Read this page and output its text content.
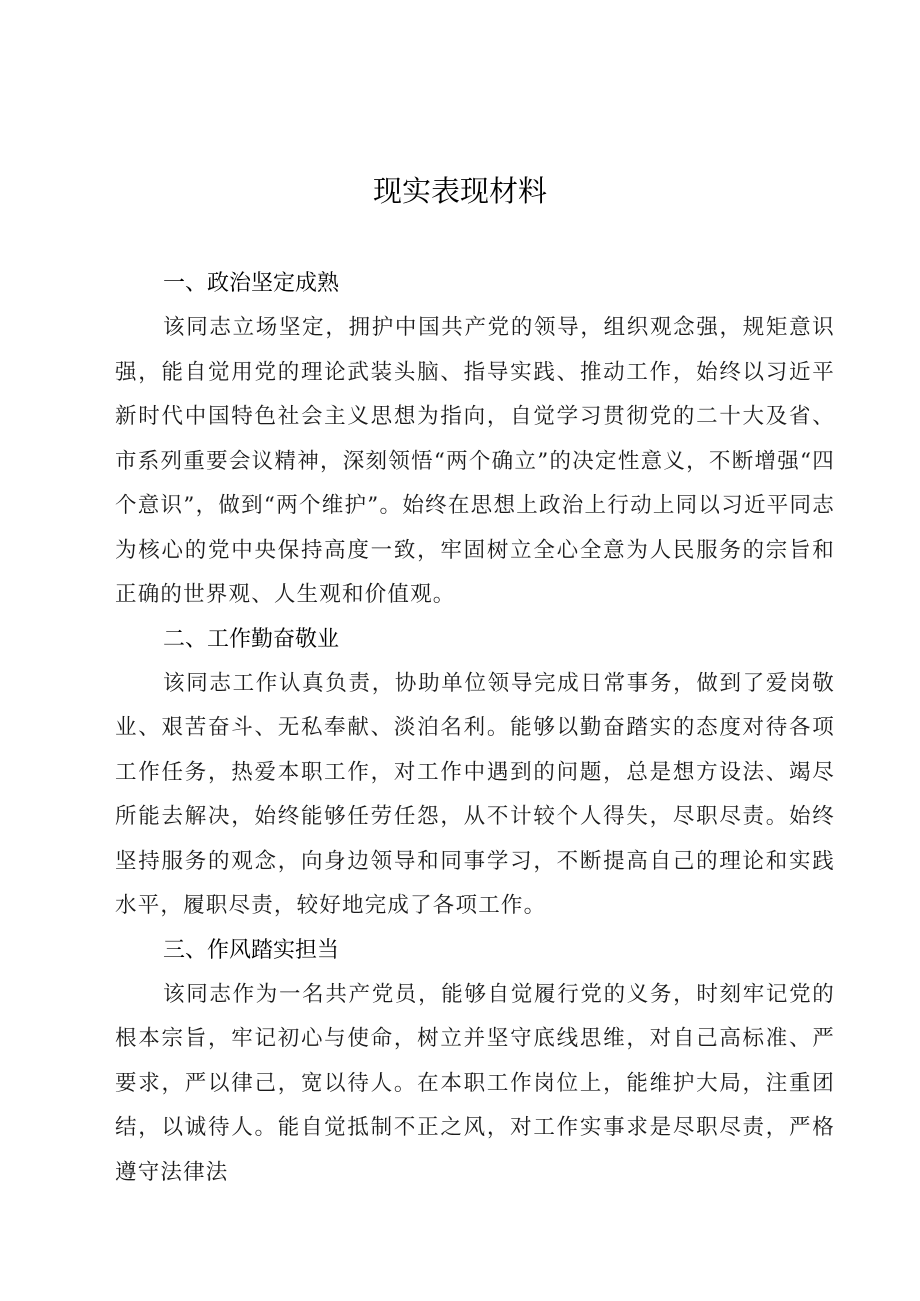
现实表现材料
一、政治坚定成熟

该同志立场坚定，拥护中国共产党的领导，组织观念强，规矩意识强，能自觉用党的理论武装头脑、指导实践、推动工作，始终以习近平新时代中国特色社会主义思想为指向，自觉学习贯彻党的二十大及省、市系列重要会议精神，深刻领悟“两个确立”的决定性意义，不断增强“四个意识”，做到“两个维护”。始终在思想上政治上行动上同以习近平同志为核心的党中央保持高度一致，牢固树立全心全意为人民服务的宗旨和正确的世界观、人生观和价值观。

二、工作勤奋敬业

该同志工作认真负责，协助单位领导完成日常事务，做到了爱岗敬业、艰苦奋斗、无私奉献、淡泊名利。能够以勤奋踏实的态度对待各项工作任务，热爱本职工作，对工作中遇到的问题，总是想方设法、竭尽所能去解决，始终能够任劳任怨，从不计较个人得失，尽职尽责。始终坚持服务的观念，向身边领导和同事学习，不断提高自己的理论和实践水平，履职尽责，较好地完成了各项工作。

三、作风踏实担当

该同志作为一名共产党员，能够自觉履行党的义务，时刻牢记党的根本宗旨，牢记初心与使命，树立并坚守底线思维，对自己高标准、严要求，严以律己，宽以待人。在本职工作岗位上，能维护大局，注重团结，以诚待人。能自觉抵制不正之风，对工作实事求是尽职尽责，严格遵守法律法
